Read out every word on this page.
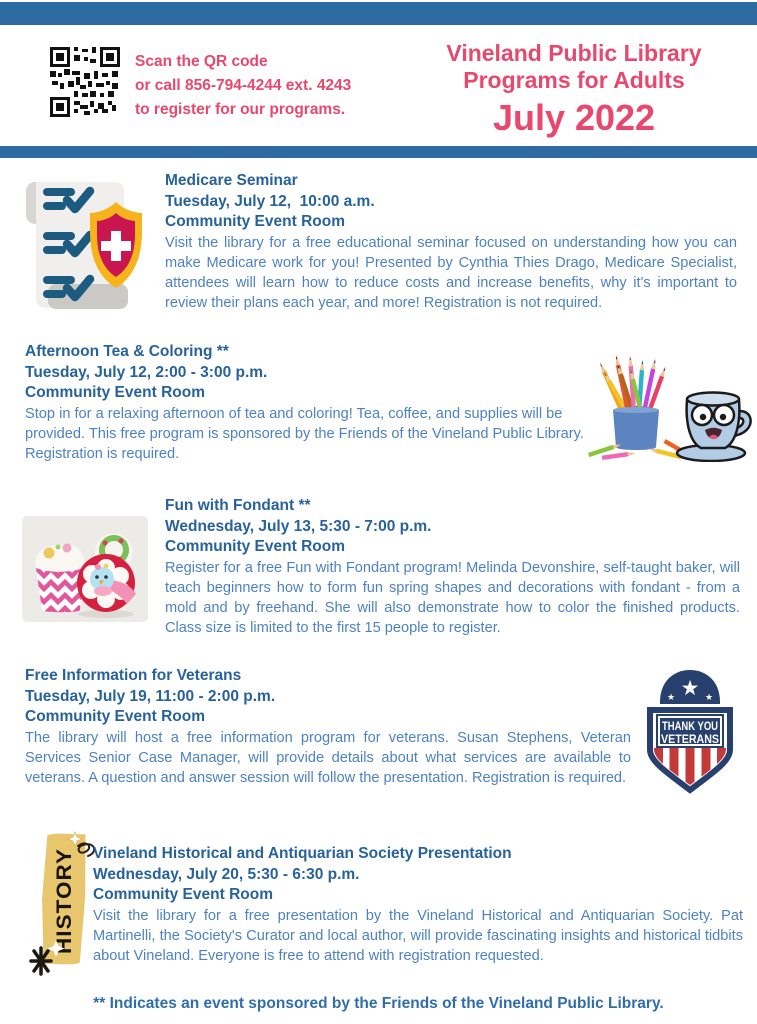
Scan the QR code
or call 856-794-4244 ext. 4243
to register for our programs.
Vineland Public Library
Programs for Adults
July 2022
Medicare Seminar
Tuesday, July 12,  10:00 a.m.
Community Event Room

Visit the library for a free educational seminar focused on understanding how you can make Medicare work for you! Presented by Cynthia Thies Drago, Medicare Specialist, attendees will learn how to reduce costs and increase benefits, why it's important to review their plans each year, and more! Registration is not required.

Afternoon Tea & Coloring **
Tuesday, July 12, 2:00 - 3:00 p.m.
Community Event Room

Stop in for a relaxing afternoon of tea and coloring! Tea, coffee, and supplies will be provided. This free program is sponsored by the Friends of the Vineland Public Library. Registration is required.

Fun with Fondant **
Wednesday, July 13, 5:30 - 7:00 p.m.
Community Event Room

Register for a free Fun with Fondant program! Melinda Devonshire, self-taught baker, will teach beginners how to form fun spring shapes and decorations with fondant - from a mold and by freehand. She will also demonstrate how to color the finished products. Class size is limited to the first 15 people to register.

Free Information for Veterans
Tuesday, July 19, 11:00 - 2:00 p.m.
Community Event Room

The library will host a free information program for veterans. Susan Stephens, Veteran Services Senior Case Manager, will provide details about what services are available to veterans. A question and answer session will follow the presentation. Registration is required.

★
★	★
THANK YOU
VETERANS
HISTORY
Vineland Historical and Antiquarian Society Presentation
Wednesday, July 20, 5:30 - 6:30 p.m.
Community Event Room

Visit the library for a free presentation by the Vineland Historical and Antiquarian Society. Pat Martinelli, the Society's Curator and local author, will provide fascinating insights and historical tidbits about Vineland. Everyone is free to attend with registration requested.

** Indicates an event sponsored by the Friends of the Vineland Public Library.
